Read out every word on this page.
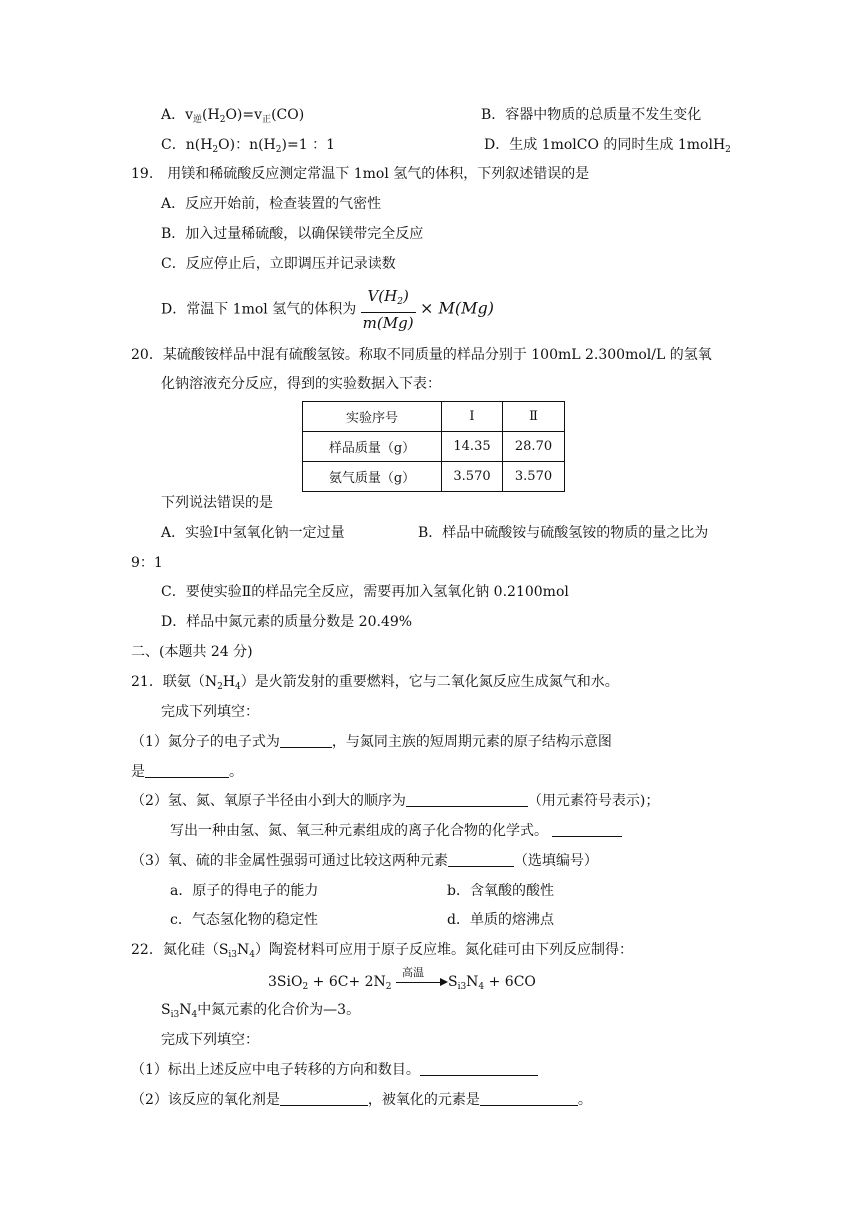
A．$v_逆(H_2O)=v_正(CO)$	B．容器中物质的总质量不发生变化
C．$n(H_2O)$：$n(H_2)=1$ ：1	D．生成 1molCO 的同时生成 1molH$_2$
19.　用镁和稀硫酸反应测定常温下 1mol 氢气的体积，下列叙述错误的是
A．反应开始前，检查装置的气密性
B．加入过量稀硫酸，以确保镁带完全反应
C．反应停止后，立即调压并记录读数
D．常温下 1mol 氢气的体积为 $\frac{V(H_2)}{m(Mg)} \times M(Mg)$
20．某硫酸铵样品中混有硫酸氢铵。称取不同质量的样品分别于 100mL 2.300mol/L 的氢氧
化钠溶液充分反应，得到的实验数据入下表：
实验序号	Ⅰ	Ⅱ
样品质量（g）	14.35	28.70
氨气质量（g）	3.570	3.570
下列说法错误的是
A．实验Ⅰ中氢氧化钠一定过量	B．样品中硫酸铵与硫酸氢铵的物质的量之比为
9：1
C．要使实验Ⅱ的样品完全反应，需要再加入氢氧化钠 0.2100mol
D．样品中氮元素的质量分数是 20.49%
二、(本题共 24 分)
21．联氨$(N_2H_4)$是火箭发射的重要燃料，它与二氧化氮反应生成氮气和水。
完成下列填空：
（1）氮分子的电子式为	，与氮同主族的短周期元素的原子结构示意图
是	。
（2）氢、氮、氧原子半径由小到大的顺序为	（用元素符号表示)；
写出一种由氢、氮、氧三种元素组成的离子化合物的化学式。
（3）氧、硫的非金属性强弱可通过比较这两种元素	（选填编号）
a．原子的得电子的能力	b．含氧酸的酸性
c．气态氢化物的稳定性	d．单质的熔沸点
22．氮化硅$(S_{i3}N_4)$陶瓷材料可应用于原子反应堆。氮化硅可由下列反应制得：
$3SiO_2 + 6C+ 2N_2$
高温
$S_{i3}N_4 + 6CO$
$S_{i3}N_4$中氮元素的化合价为—3。
完成下列填空：
（1）标出上述反应中电子转移的方向和数目。
（2）该反应的氧化剂是	，被氧化的元素是	。
